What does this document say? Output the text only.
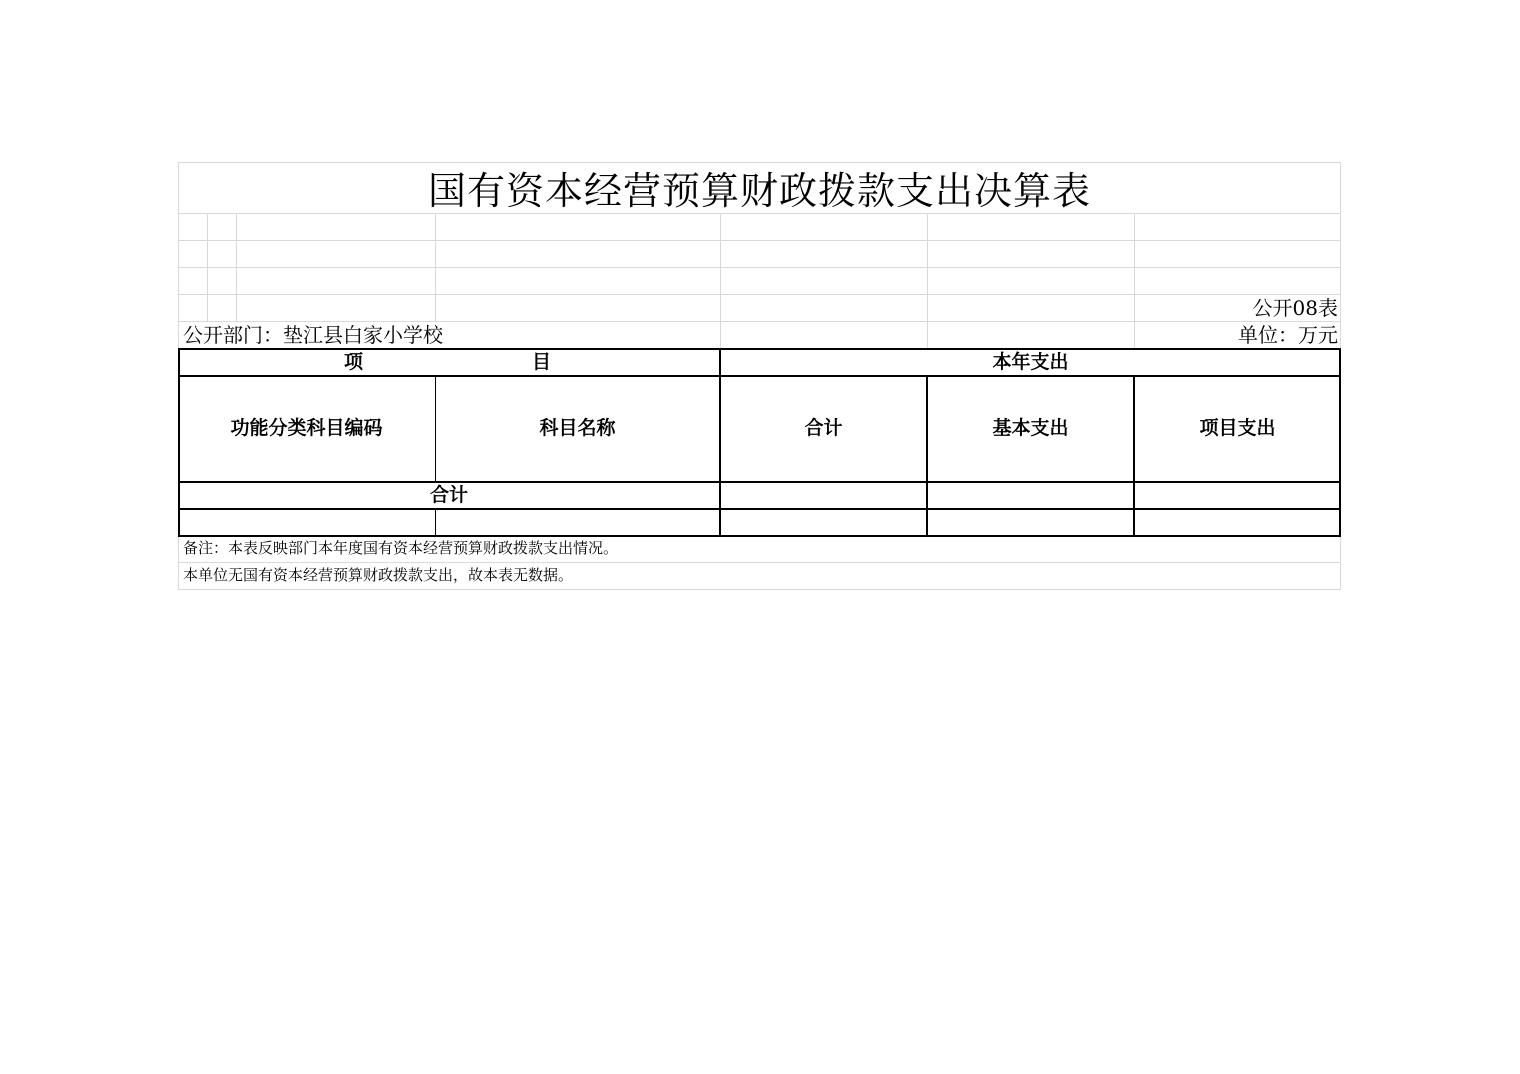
国有资本经营预算财政拨款支出决算表
公开08表
公开部门：垫江县白家小学校	单位：万元
项	目	本年支出
功能分类科目编码	科目名称	合计	基本支出	项目支出
合计
备注：本表反映部门本年度国有资本经营预算财政拨款支出情况。
本单位无国有资本经营预算财政拨款支出，故本表无数据。
